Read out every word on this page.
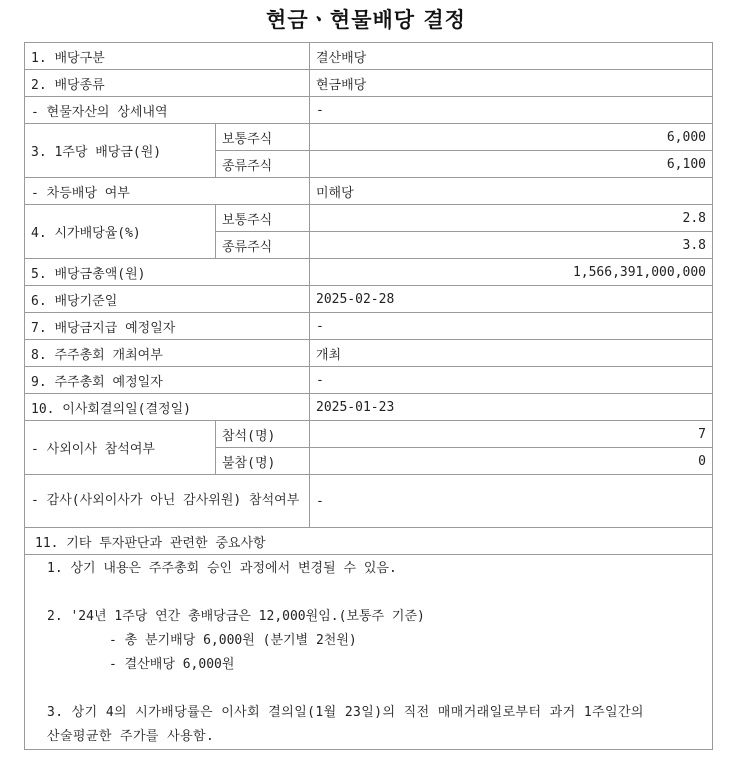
현금ㆍ현물배당 결정
1. 배당구분		결산배당
2. 배당종류		현금배당
- 현물자산의 상세내역		-
3. 1주당 배당금(원)	보통주식	6,000
	종류주식	6,100
- 차등배당 여부		미해당
4. 시가배당율(%)	보통주식	2.8
	종류주식	3.8
5. 배당금총액(원)		1,566,391,000,000
6. 배당기준일		2025-02-28
7. 배당금지급 예정일자		-
8. 주주총회 개최여부		개최
9. 주주총회 예정일자		-
10. 이사회결의일(결정일)		2025-01-23
- 사외이사 참석여부	참석(명)	7
	불참(명)	0
- 감사(사외이사가 아닌 감사위원) 참석여부		-
11. 기타 투자판단과 관련한 중요사항		

1. 상기 내용은 주주총회 승인 과정에서 변경될 수 있음.

2. '24년 1주당 연간 총배당금은 12,000원임.(보통주 기준)

- 총 분기배당 6,000원 (분기별 2천원)

- 결산배당 6,000원

3. 상기 4의 시가배당률은 이사회 결의일(1월 23일)의 직전 매매거래일로부터 과거 1주일간의 산술평균한 주가를 사용함.		
